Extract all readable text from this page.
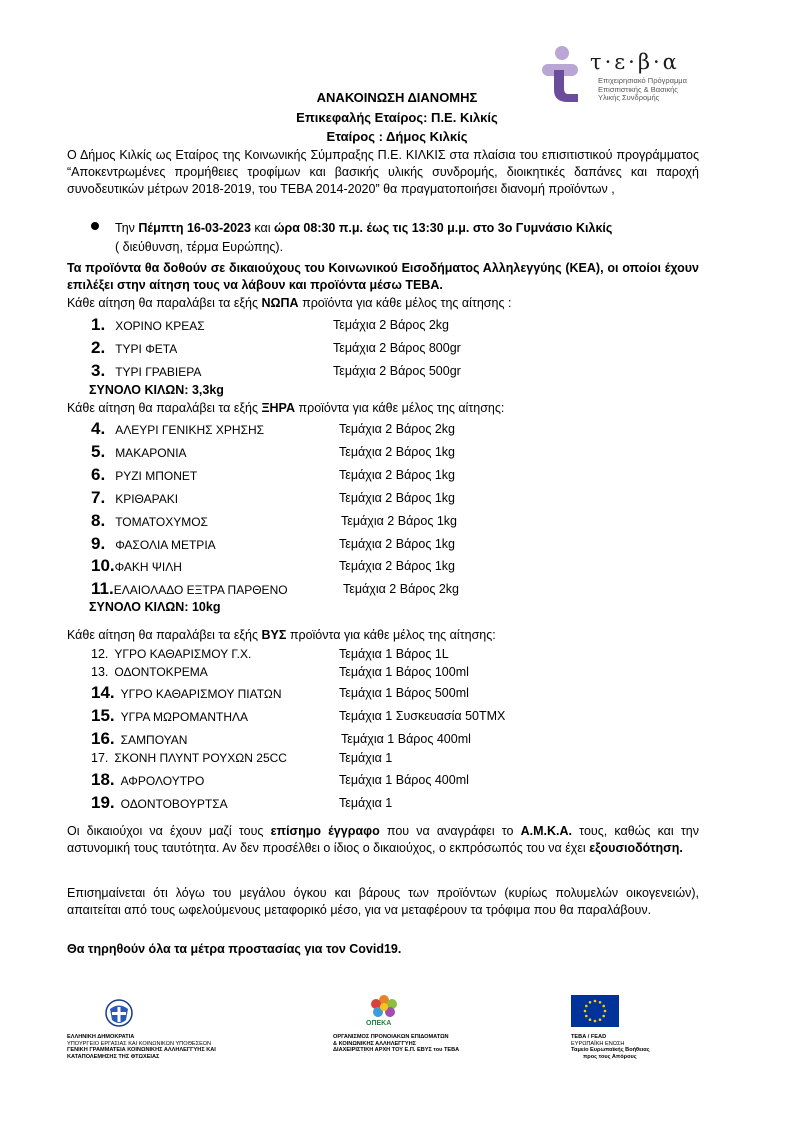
τ·ε·β·α
Επιχειρησιακό Πρόγραμμα
Επισιτιστικής & Βασικής
Υλικής Συνδρομής
ΑΝΑΚΟΙΝΩΣΗ ΔΙΑΝΟΜΗΣ
Επικεφαλής Εταίρος: Π.Ε. Κιλκίς
Εταίρος : Δήμος Κιλκίς
Ο Δήμος Κιλκίς ως Εταίρος της Κοινωνικής Σύμπραξης Π.Ε. ΚΙΛΚΙΣ στα πλαίσια του επισιτιστικού προγράμματος “Αποκεντρωμένες προμήθειες τροφίμων και βασικής υλικής συνδρομής, διοικητικές δαπάνες και παροχή συνοδευτικών μέτρων 2018-2019, του ΤΕΒΑ 2014-2020” θα πραγματοποιήσει διανομή προϊόντων ,
Την Πέμπτη 16-03-2023 και ώρα 08:30 π.μ. έως τις 13:30 μ.μ. στο 3ο Γυμνάσιο Κιλκίς
( διεύθυνση, τέρμα Ευρώπης).
Τα προϊόντα θα δοθούν σε δικαιούχους του Κοινωνικού Εισοδήματος Αλληλεγγύης (ΚΕΑ), οι οποίοι έχουν επιλέξει στην αίτηση τους να λάβουν και προϊόντα μέσω ΤΕΒΑ.
Κάθε αίτηση θα παραλάβει τα εξής ΝΩΠΑ προϊόντα για κάθε μέλος της αίτησης :
1. ΧΟΡΙΝΟ ΚΡΕΑΣ	Τεμάχια 2 Βάρος 2kg
2. ΤΥΡΙ ΦΕΤΑ	Τεμάχια 2 Βάρος 800gr
3. ΤΥΡΙ ΓΡΑΒΙΕΡΑ	Τεμάχια 2 Βάρος 500gr
ΣΥΝΟΛΟ ΚΙΛΩΝ: 3,3kg
Κάθε αίτηση θα παραλάβει τα εξής ΞΗΡΑ προϊόντα για κάθε μέλος της αίτησης:
4. ΑΛΕΥΡΙ ΓΕΝΙΚΗΣ ΧΡΗΣΗΣ	Τεμάχια 2 Βάρος 2kg
5. ΜΑΚΑΡΟΝΙΑ	Τεμάχια 2 Βάρος 1kg
6. ΡΥΖΙ ΜΠΟΝΕΤ	Τεμάχια 2 Βάρος 1kg
7. ΚΡΙΘΑΡΑΚΙ	Τεμάχια 2 Βάρος 1kg
8. ΤΟΜΑΤΟΧΥΜΟΣ	Τεμάχια 2 Βάρος 1kg
9. ΦΑΣΟΛΙΑ ΜΕΤΡΙΑ	Τεμάχια 2 Βάρος 1kg
10.ΦΑΚΗ ΨΙΛΗ	Τεμάχια 2 Βάρος 1kg
11.ΕΛΑΙΟΛΑΔΟ ΕΞΤΡΑ ΠΑΡΘΕΝΟ	Τεμάχια 2 Βάρος 2kg
ΣΥΝΟΛΟ ΚΙΛΩΝ: 10kg
Κάθε αίτηση θα παραλάβει τα εξής ΒΥΣ προϊόντα για κάθε μέλος της αίτησης:
12. ΥΓΡΟ ΚΑΘΑΡΙΣΜΟΥ Γ.Χ.	Τεμάχια 1 Βάρος 1L
13. ΟΔΟΝΤΟΚΡΕΜΑ	Τεμάχια 1 Βάρος 100ml
14. ΥΓΡΟ ΚΑΘΑΡΙΣΜΟΥ ΠΙΑΤΩΝ	Τεμάχια 1 Βάρος 500ml
15. ΥΓΡΑ ΜΩΡΟΜΑΝΤΗΛΑ	Τεμάχια 1 Συσκευασία 50ΤΜΧ
16. ΣΑΜΠΟΥΑΝ	Τεμάχια 1 Βάρος 400ml
17. ΣΚΟΝΗ ΠΛΥΝΤ ΡΟΥΧΩΝ 25CC	Τεμάχια 1
18. ΑΦΡΟΛΟΥΤΡΟ	Τεμάχια 1 Βάρος 400ml
19. ΟΔΟΝΤΟΒΟΥΡΤΣΑ	Τεμάχια 1
Οι δικαιούχοι να έχουν μαζί τους επίσημο έγγραφο που να αναγράφει το Α.Μ.Κ.Α. τους, καθώς και την αστυνομική τους ταυτότητα. Αν δεν προσέλθει ο ίδιος ο δικαιούχος, ο εκπρόσωπός του να έχει εξουσιοδότηση.
Επισημαίνεται ότι λόγω του μεγάλου όγκου και βάρους των προϊόντων (κυρίως πολυμελών οικογενειών), απαιτείται από τους ωφελούμενους μεταφορικό μέσο, για να μεταφέρουν τα τρόφιμα που θα παραλάβουν.
Θα τηρηθούν όλα τα μέτρα προστασίας για τον Covid19.
ΕΛΛΗΝΙΚΗ ΔΗΜΟΚΡΑΤΙΑ
ΥΠΟΥΡΓΕΙΟ ΕΡΓΑΣΙΑΣ ΚΑΙ ΚΟΙΝΩΝΙΚΩΝ ΥΠΟΘΕΣΕΩΝ
ΓΕΝΙΚΗ ΓΡΑΜΜΑΤΕΙΑ ΚΟΙΝΩΝΙΚΗΣ ΑΛΛΗΛΕΓΓΥΗΣ ΚΑΙ
ΚΑΤΑΠΟΛΕΜΗΣΗΣ ΤΗΣ ΦΤΩΧΕΙΑΣ
ΟΠΕΚΑ
ΟΡΓΑΝΙΣΜΟΣ ΠΡΟΝΟΙΑΚΩΝ ΕΠΙΔΟΜΑΤΩΝ
& ΚΟΙΝΩΝΙΚΗΣ ΑΛΛΗΛΕΓΓΥΗΣ
ΔΙΑΧΕΙΡΙΣΤΙΚΗ ΑΡΧΗ ΤΟΥ Ε.Π. ΕΒΥΣ του ΤΕΒΑ
ΤΕΒΑ / FEAD
ΕΥΡΩΠΑΪΚΗ ΕΝΩΣΗ
Ταμείο Ευρωπαϊκής Βοήθειας
προς τους Απόρους
